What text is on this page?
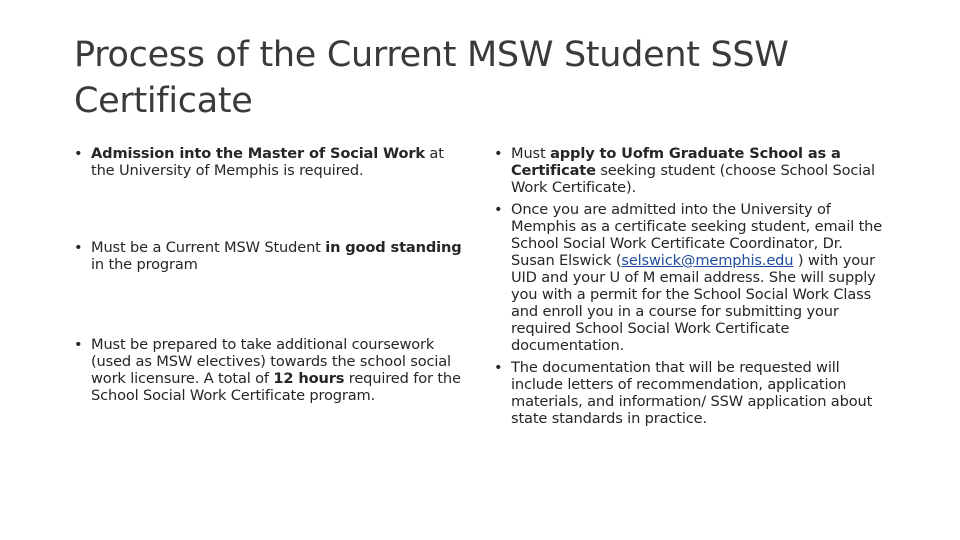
Process of the Current MSW Student SSW Certificate
• Admission into the Master of Social Work at the University of Memphis is required.
• Must be a Current MSW Student in good standing in the program
• Must be prepared to take additional coursework (used as MSW electives) towards the school social work licensure. A total of 12 hours required for the School Social Work Certificate program.
• Must apply to Uofm Graduate School as a Certificate seeking student (choose School Social Work Certificate).
• Once you are admitted into the University of Memphis as a certificate seeking student, email the School Social Work Certificate Coordinator, Dr. Susan Elswick (selswick@memphis.edu ) with your UID and your U of M email address. She will supply you with a permit for the School Social Work Class and enroll you in a course for submitting your required School Social Work Certificate documentation.
• The documentation that will be requested will include letters of recommendation, application materials, and information/ SSW application about state standards in practice.
